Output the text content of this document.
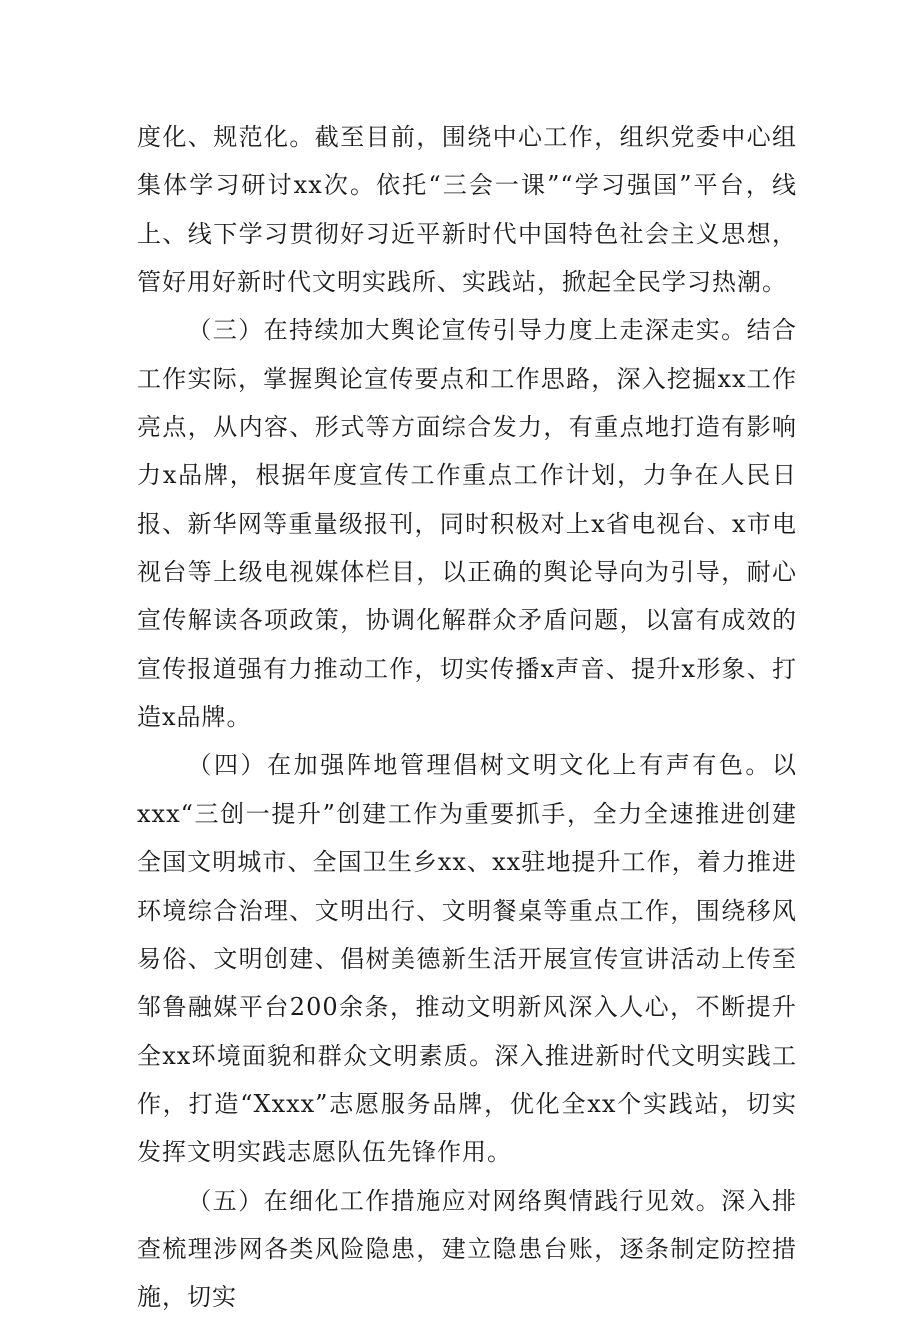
度化、规范化。截至目前，围绕中心工作，组织党委中心组集体学习研讨xx次。依托“三会一课”“学习强国”平台，线上、线下学习贯彻好习近平新时代中国特色社会主义思想，管好用好新时代文明实践所、实践站，掀起全民学习热潮。

（三）在持续加大舆论宣传引导力度上走深走实。结合工作实际，掌握舆论宣传要点和工作思路，深入挖掘xx工作亮点，从内容、形式等方面综合发力，有重点地打造有影响力x品牌，根据年度宣传工作重点工作计划，力争在人民日报、新华网等重量级报刊，同时积极对上x省电视台、x市电视台等上级电视媒体栏目，以正确的舆论导向为引导，耐心宣传解读各项政策，协调化解群众矛盾问题，以富有成效的宣传报道强有力推动工作，切实传播x声音、提升x形象、打造x品牌。

（四）在加强阵地管理倡树文明文化上有声有色。以xxx“三创一提升”创建工作为重要抓手，全力全速推进创建全国文明城市、全国卫生乡xx、xx驻地提升工作，着力推进环境综合治理、文明出行、文明餐桌等重点工作，围绕移风易俗、文明创建、倡树美德新生活开展宣传宣讲活动上传至邹鲁融媒平台200余条，推动文明新风深入人心，不断提升全xx环境面貌和群众文明素质。深入推进新时代文明实践工作，打造“Xxxx”志愿服务品牌，优化全xx个实践站，切实发挥文明实践志愿队伍先锋作用。

（五）在细化工作措施应对网络舆情践行见效。深入排查梳理涉网各类风险隐患，建立隐患台账，逐条制定防控措施，切实
